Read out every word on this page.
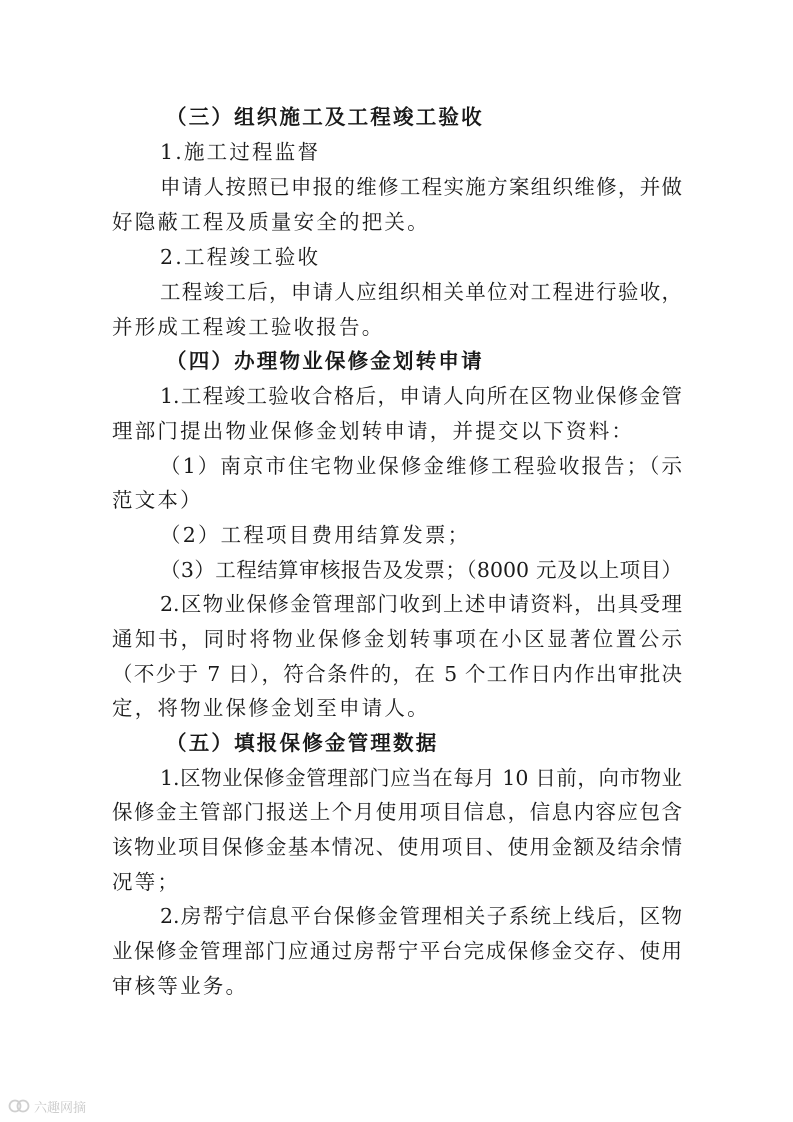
（三）组织施工及工程竣工验收
1.施工过程监督
申请人按照已申报的维修工程实施方案组织维修，并做
好隐蔽工程及质量安全的把关。
2.工程竣工验收
工程竣工后，申请人应组织相关单位对工程进行验收，
并形成工程竣工验收报告。
（四）办理物业保修金划转申请
1.工程竣工验收合格后，申请人向所在区物业保修金管
理部门提出物业保修金划转申请，并提交以下资料：
（1）南京市住宅物业保修金维修工程验收报告；（示
范文本）
（2）工程项目费用结算发票；
（3）工程结算审核报告及发票；（8000 元及以上项目）
2.区物业保修金管理部门收到上述申请资料，出具受理
通知书，同时将物业保修金划转事项在小区显著位置公示
（不少于 7 日），符合条件的，在 5 个工作日内作出审批决
定，将物业保修金划至申请人。
（五）填报保修金管理数据
1.区物业保修金管理部门应当在每月 10 日前，向市物业
保修金主管部门报送上个月使用项目信息，信息内容应包含
该物业项目保修金基本情况、使用项目、使用金额及结余情
况等；
2.房帮宁信息平台保修金管理相关子系统上线后，区物
业保修金管理部门应通过房帮宁平台完成保修金交存、使用
审核等业务。
六趣网摘
